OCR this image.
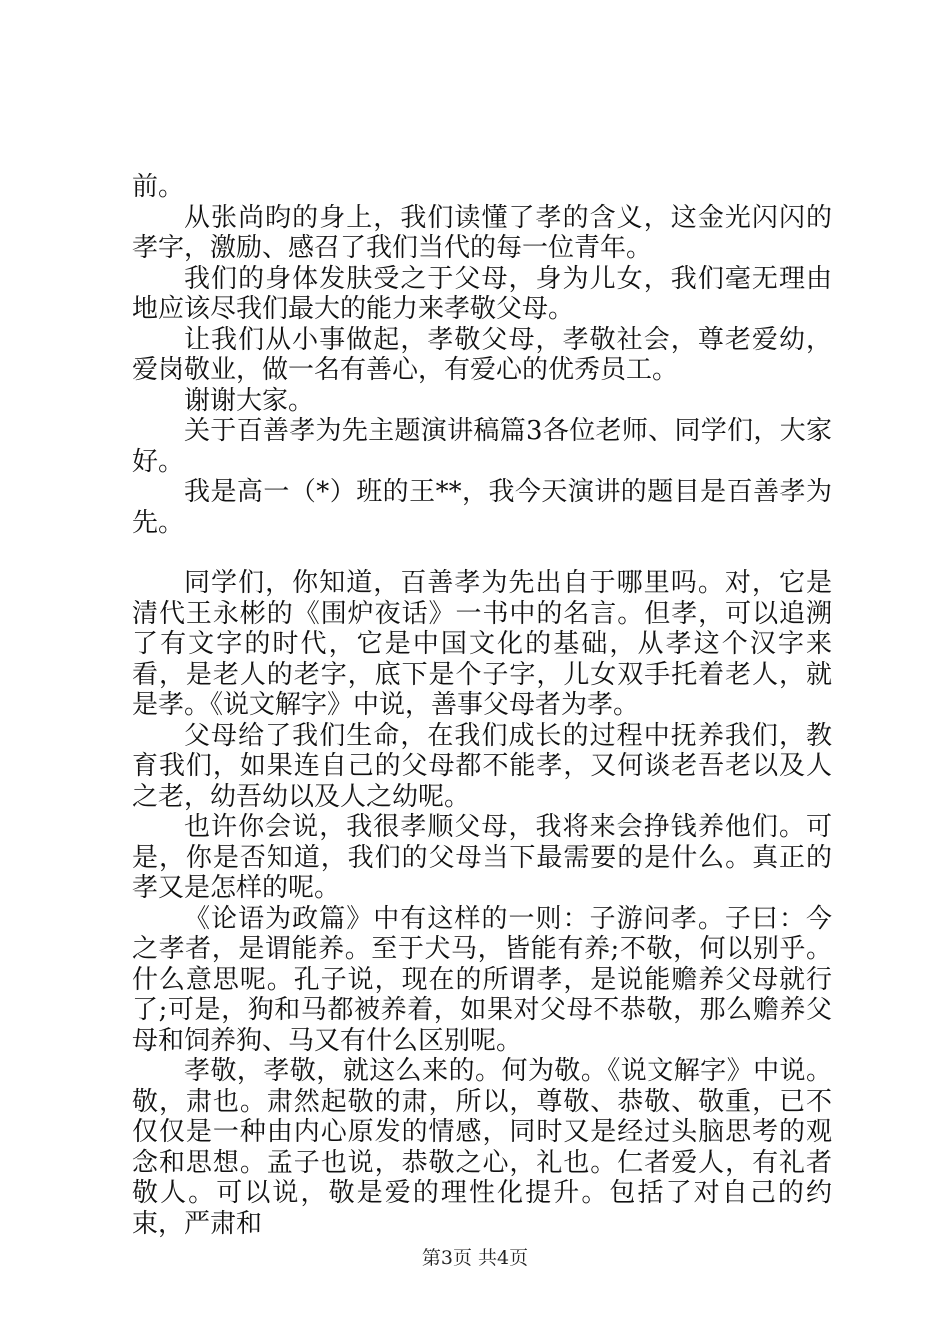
前。

从张尚昀的身上，我们读懂了孝的含义，这金光闪闪的孝字，激励、感召了我们当代的每一位青年。

我们的身体发肤受之于父母，身为儿女，我们毫无理由地应该尽我们最大的能力来孝敬父母。

让我们从小事做起，孝敬父母，孝敬社会，尊老爱幼，爱岗敬业，做一名有善心，有爱心的优秀员工。

谢谢大家。

关于百善孝为先主题演讲稿篇3各位老师、同学们，大家好。

我是高一（*）班的王**，我今天演讲的题目是百善孝为先。

同学们，你知道，百善孝为先出自于哪里吗。对，它是清代王永彬的《围炉夜话》一书中的名言。但孝，可以追溯了有文字的时代，它是中国文化的基础，从孝这个汉字来看，是老人的老字，底下是个子字，儿女双手托着老人，就是孝。《说文解字》中说，善事父母者为孝。

父母给了我们生命，在我们成长的过程中抚养我们，教育我们，如果连自己的父母都不能孝，又何谈老吾老以及人之老，幼吾幼以及人之幼呢。

也许你会说，我很孝顺父母，我将来会挣钱养他们。可是，你是否知道，我们的父母当下最需要的是什么。真正的孝又是怎样的呢。

《论语为政篇》中有这样的一则：子游问孝。子曰：今之孝者，是谓能养。至于犬马，皆能有养;不敬，何以别乎。什么意思呢。孔子说，现在的所谓孝，是说能赡养父母就行了;可是，狗和马都被养着，如果对父母不恭敬，那么赡养父母和饲养狗、马又有什么区别呢。

孝敬，孝敬，就这么来的。何为敬。《说文解字》中说。敬，肃也。肃然起敬的肃，所以，尊敬、恭敬、敬重，已不仅仅是一种由内心原发的情感，同时又是经过头脑思考的观念和思想。孟子也说，恭敬之心，礼也。仁者爱人，有礼者敬人。可以说，敬是爱的理性化提升。包括了对自己的约束，严肃和

第3页 共4页
